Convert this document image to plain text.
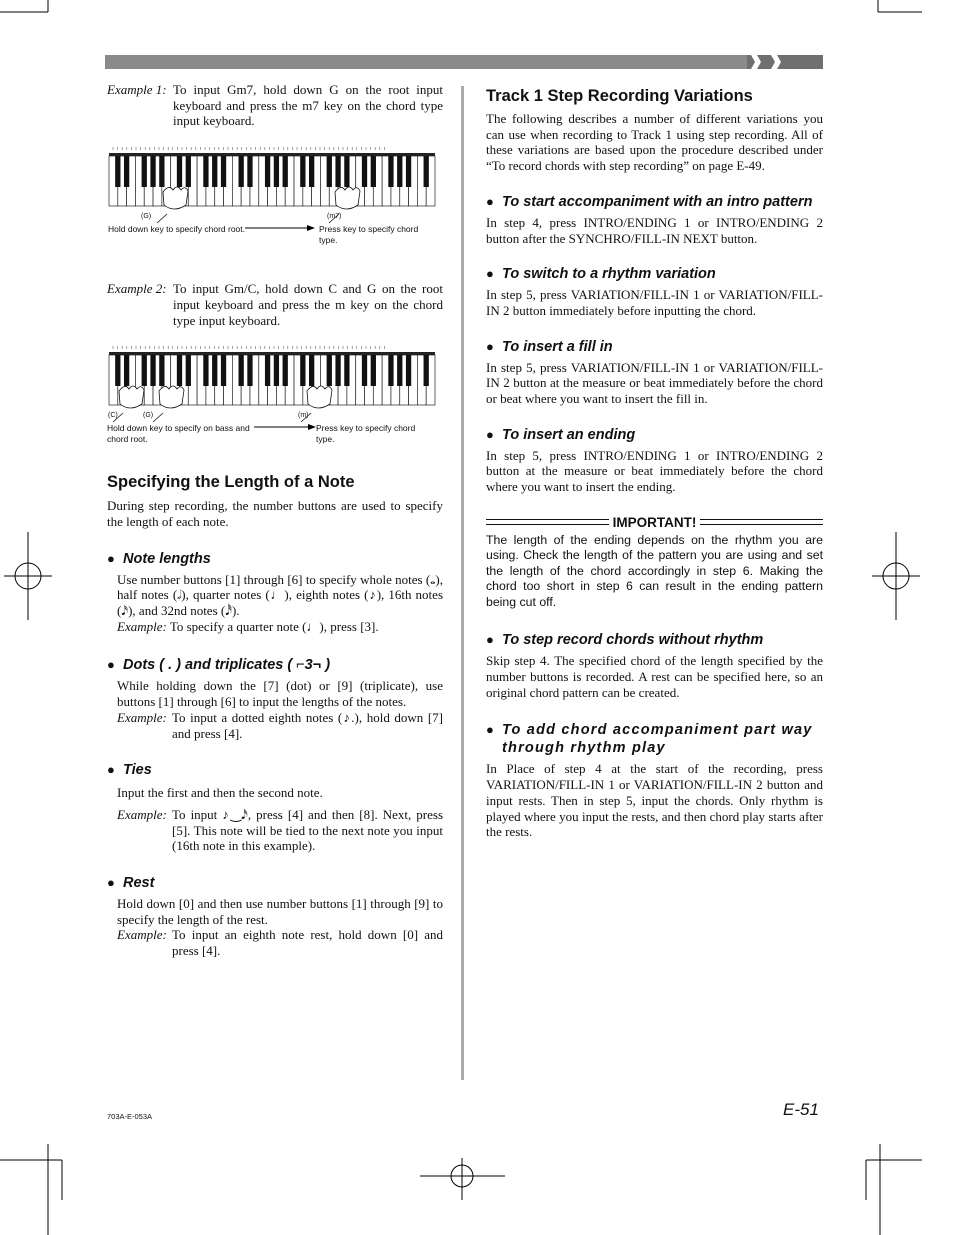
Example 1: To input Gm7, hold down G on the root input keyboard and press the m7 key on the chord type input keyboard.
(G)	(m7)
Hold down key to specify chord root.	Press key to specify chord type.
Example 2: To input Gm/C, hold down C and G on the root input keyboard and press the m key on the chord type input keyboard.
(C)	(G)	(m)
Hold down key to specify on bass and chord root.
Press key to specify chord type.
Specifying the Length of a Note
During step recording, the number buttons are used to specify the length of each note.
● Note lengths
Use number buttons [1] through [6] to specify whole notes (𝅝), half notes (𝅗𝅥), quarter notes (♩), eighth notes (♪), 16th notes (𝅘𝅥𝅯), and 32nd notes (𝅘𝅥𝅰).
Example: To specify a quarter note (♩), press [3].
● Dots ( . ) and triplicates ( ⌐3¬ )
While holding down the [7] (dot) or [9] (triplicate), use buttons [1] through [6] to input the lengths of the notes.
Example: To input a dotted eighth notes (♪.), hold down [7] and press [4].
● Ties
Input the first and then the second note.
Example: To input ♪‿𝅘𝅥𝅯, press [4] and then [8]. Next, press [5]. This note will be tied to the next note you input (16th note in this example).
● Rest
Hold down [0] and then use number buttons [1] through [9] to specify the length of the rest.
Example: To input an eighth note rest, hold down [0] and press [4].
Track 1 Step Recording Variations
The following describes a number of different variations you can use when recording to Track 1 using step recording. All of these variations are based upon the procedure described under “To record chords with step recording” on page E-49.
● To start accompaniment with an intro pattern
In step 4, press INTRO/ENDING 1 or INTRO/ENDING 2 button after the SYNCHRO/FILL-IN NEXT button.
● To switch to a rhythm variation
In step 5, press VARIATION/FILL-IN 1 or VARIATION/FILL-IN 2 button immediately before inputting the chord.
● To insert a fill in
In step 5, press VARIATION/FILL-IN 1 or VARIATION/FILL-IN 2 button at the measure or beat immediately before the chord or beat where you want to insert the fill in.
● To insert an ending
In step 5, press INTRO/ENDING 1 or INTRO/ENDING 2 button at the measure or beat immediately before the chord where you want to insert the ending.
IMPORTANT!
The length of the ending depends on the rhythm you are using. Check the length of the pattern you are using and set the length of the chord accordingly in step 6. Making the chord too short in step 6 can result in the ending pattern being cut off.
● To step record chords without rhythm
Skip step 4. The specified chord of the length specified by the number buttons is recorded. A rest can be specified here, so an original chord pattern can be created.
● To add chord accompaniment part way through rhythm play
In Place of step 4 at the start of the recording, press VARIATION/FILL-IN 1 or VARIATION/FILL-IN 2 button and input rests. Then in step 5, input the chords. Only rhythm is played where you input the rests, and then chord play starts after the rests.
703A-E-053A	E-51
